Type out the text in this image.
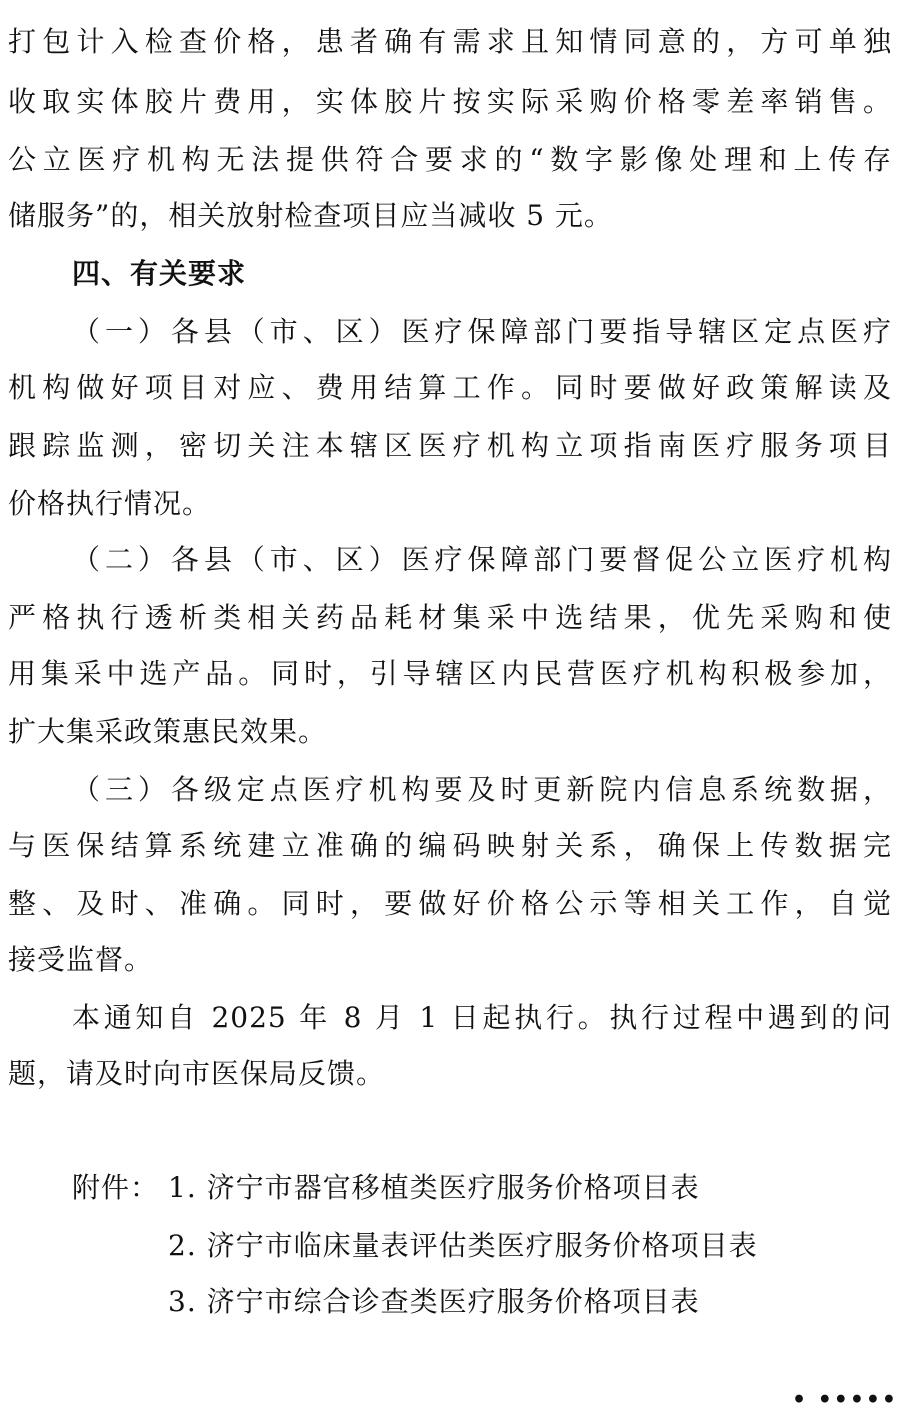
打包计入检查价格，患者确有需求且知情同意的，方可单独
收取实体胶片费用，实体胶片按实际采购价格零差率销售。
公立医疗机构无法提供符合要求的“数字影像处理和上传存
储服务”的，相关放射检查项目应当减收 5 元。
四、有关要求
（一）各县（市、区）医疗保障部门要指导辖区定点医疗
机构做好项目对应、费用结算工作。同时要做好政策解读及
跟踪监测，密切关注本辖区医疗机构立项指南医疗服务项目
价格执行情况。
（二）各县（市、区）医疗保障部门要督促公立医疗机构
严格执行透析类相关药品耗材集采中选结果，优先采购和使
用集采中选产品。同时，引导辖区内民营医疗机构积极参加，
扩大集采政策惠民效果。
（三）各级定点医疗机构要及时更新院内信息系统数据，
与医保结算系统建立准确的编码映射关系，确保上传数据完
整、及时、准确。同时，要做好价格公示等相关工作，自觉
接受监督。
本通知自 2025 年 8 月 1 日起执行。执行过程中遇到的问
题，请及时向市医保局反馈。
附件： 1. 济宁市器官移植类医疗服务价格项目表
2. 济宁市临床量表评估类医疗服务价格项目表
3. 济宁市综合诊查类医疗服务价格项目表
• •••••
